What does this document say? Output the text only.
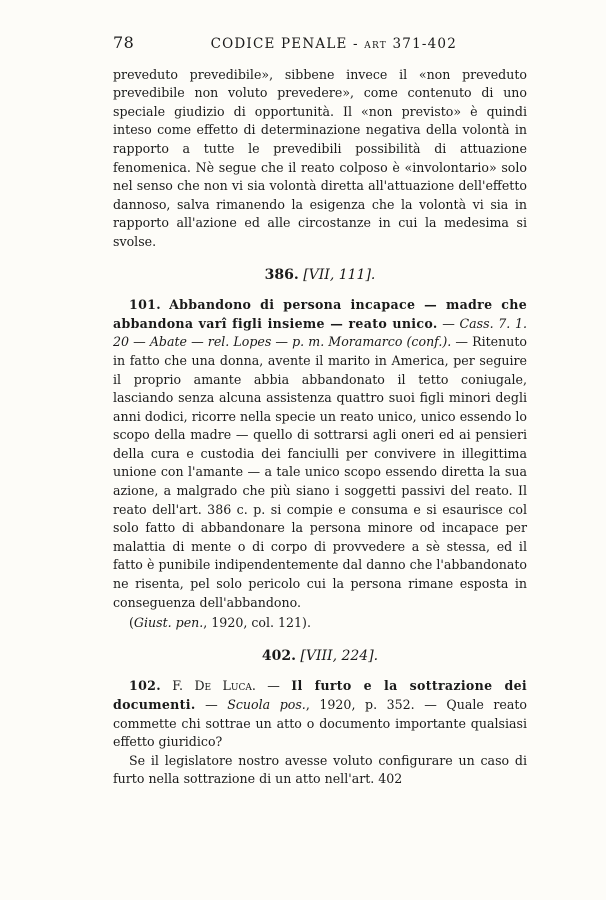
78	CODICE PENALE - art 371-402

preveduto prevedibile», sibbene invece il «non preveduto prevedibile non voluto prevedere», come contenuto di uno speciale giudizio di opportunità. Il «non previsto» è quindi inteso come effetto di determinazione negativa della volontà in rapporto a tutte le prevedibili possibilità di attuazione fenomenica. Nè segue che il reato colposo è «involontario» solo nel senso che non vi sia volontà diretta all'attuazione dell'effetto dannoso, salva rimanendo la esigenza che la volontà vi sia in rapporto all'azione ed alle circostanze in cui la medesima si svolse.

386. [VII, 111].

101. Abbandono di persona incapace — madre che abbandona varî figli insieme — reato unico. — Cass. 7. 1. 20 — Abate — rel. Lopes — p. m. Moramarco (conf.). — Ritenuto in fatto che una donna, avente il marito in America, per seguire il proprio amante abbia abbandonato il tetto coniugale, lasciando senza alcuna assistenza quattro suoi figli minori degli anni dodici, ricorre nella specie un reato unico, unico essendo lo scopo della madre — quello di sottrarsi agli oneri ed ai pensieri della cura e custodia dei fanciulli per convivere in illegittima unione con l'amante — a tale unico scopo essendo diretta la sua azione, a malgrado che più siano i soggetti passivi del reato. Il reato dell'art. 386 c. p. si compie e consuma e si esaurisce col solo fatto di abbandonare la persona minore od incapace per malattia di mente o di corpo di provvedere a sè stessa, ed il fatto è punibile indipendentemente dal danno che l'abbandonato ne risenta, pel solo pericolo cui la persona rimane esposta in conseguenza dell'abbandono.

(Giust. pen., 1920, col. 121).

402. [VIII, 224].

102. F. De Luca. — Il furto e la sottrazione dei documenti. — Scuola pos., 1920, p. 352. — Quale reato commette chi sottrae un atto o documento importante qualsiasi effetto giuridico?

Se il legislatore nostro avesse voluto configurare un caso di furto nella sottrazione di un atto nell'art. 402
